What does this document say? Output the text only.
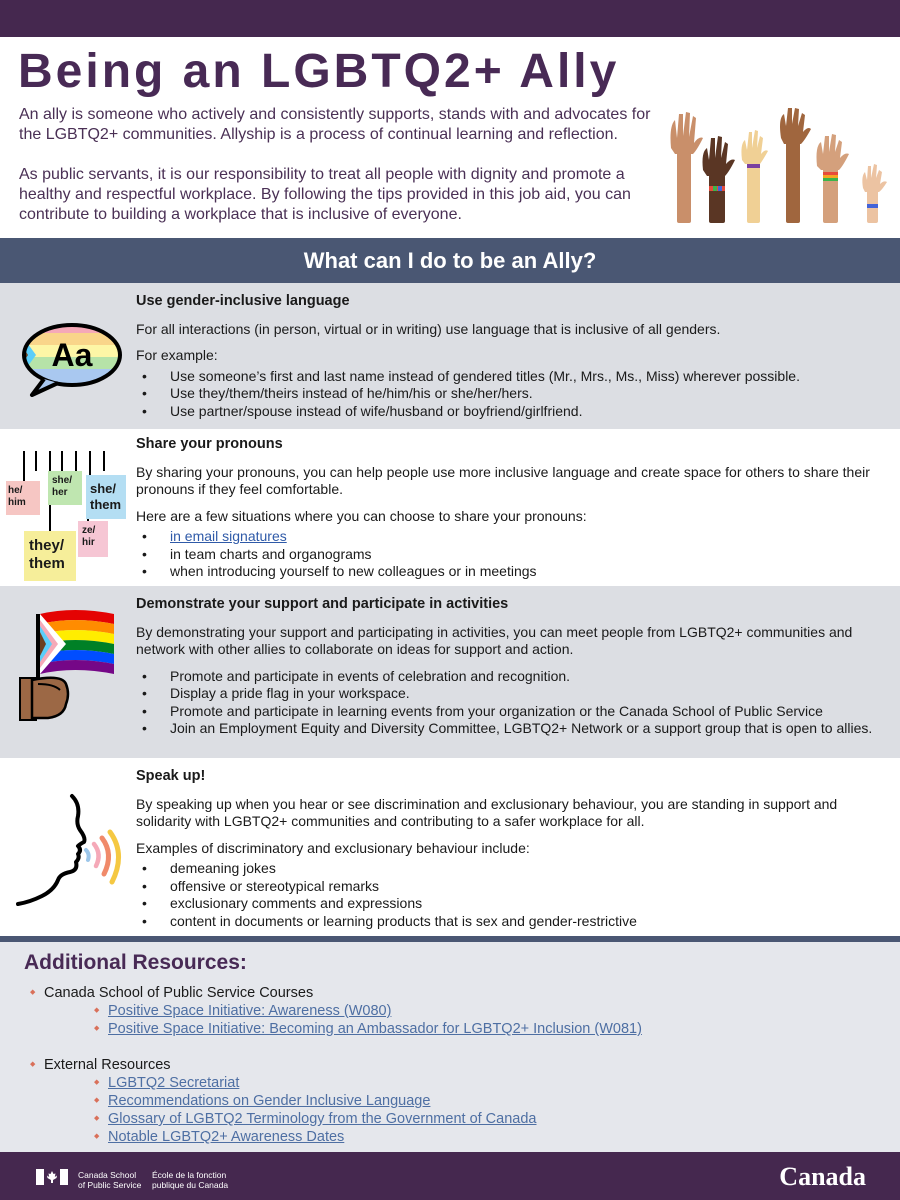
Being an LGBTQ2+ Ally

An ally is someone who actively and consistently supports, stands with and advocates for the LGBTQ2+ communities. Allyship is a process of continual learning and reflection.

As public servants, it is our responsibility to treat all people with dignity and promote a healthy and respectful workplace. By following the tips provided in this job aid, you can contribute to building a workplace that is inclusive of everyone.

What can I do to be an Ally?
Aa
Use gender-inclusive language
For all interactions (in person, virtual or in writing) use language that is inclusive of all genders.
For example:
• Use someone’s first and last name instead of gendered titles (Mr., Mrs., Ms., Miss) wherever possible.
• Use they/them/theirs instead of he/him/his or she/her/hers.
• Use partner/spouse instead of wife/husband or boyfriend/girlfriend.
he/ him
she/ her	she/ them
they/ them
ze/ hir
Share your pronouns
By sharing your pronouns, you can help people use more inclusive language and create space for others to share their pronouns if they feel comfortable.
Here are a few situations where you can choose to share your pronouns:
• in email signatures
• in team charts and organograms
• when introducing yourself to new colleagues or in meetings
Demonstrate your support and participate in activities
By demonstrating your support and participating in activities, you can meet people from LGBTQ2+ communities and network with other allies to collaborate on ideas for support and action.
• Promote and participate in events of celebration and recognition.
• Display a pride flag in your workspace.
• Promote and participate in learning events from your organization or the Canada School of Public Service
• Join an Employment Equity and Diversity Committee, LGBTQ2+ Network or a support group that is open to allies.
Speak up!
By speaking up when you hear or see discrimination and exclusionary behaviour, you are standing in support and solidarity with LGBTQ2+ communities and contributing to a safer workplace for all.
Examples of discriminatory and exclusionary behaviour include:
• demeaning jokes
• offensive or stereotypical remarks
• exclusionary comments and expressions
• content in documents or learning products that is sex and gender-restrictive
Additional Resources:
◆ Canada School of Public Service Courses
◆ Positive Space Initiative: Awareness (W080)
◆ Positive Space Initiative: Becoming an Ambassador for LGBTQ2+ Inclusion (W081)
◆ External Resources
◆ LGBTQ2 Secretariat
◆ Recommendations on Gender Inclusive Language
◆ Glossary of LGBTQ2 Terminology from the Government of Canada
◆ Notable LGBTQ2+ Awareness Dates
Canada School
of Public Service
École de la fonction
publique du Canada	Canada
